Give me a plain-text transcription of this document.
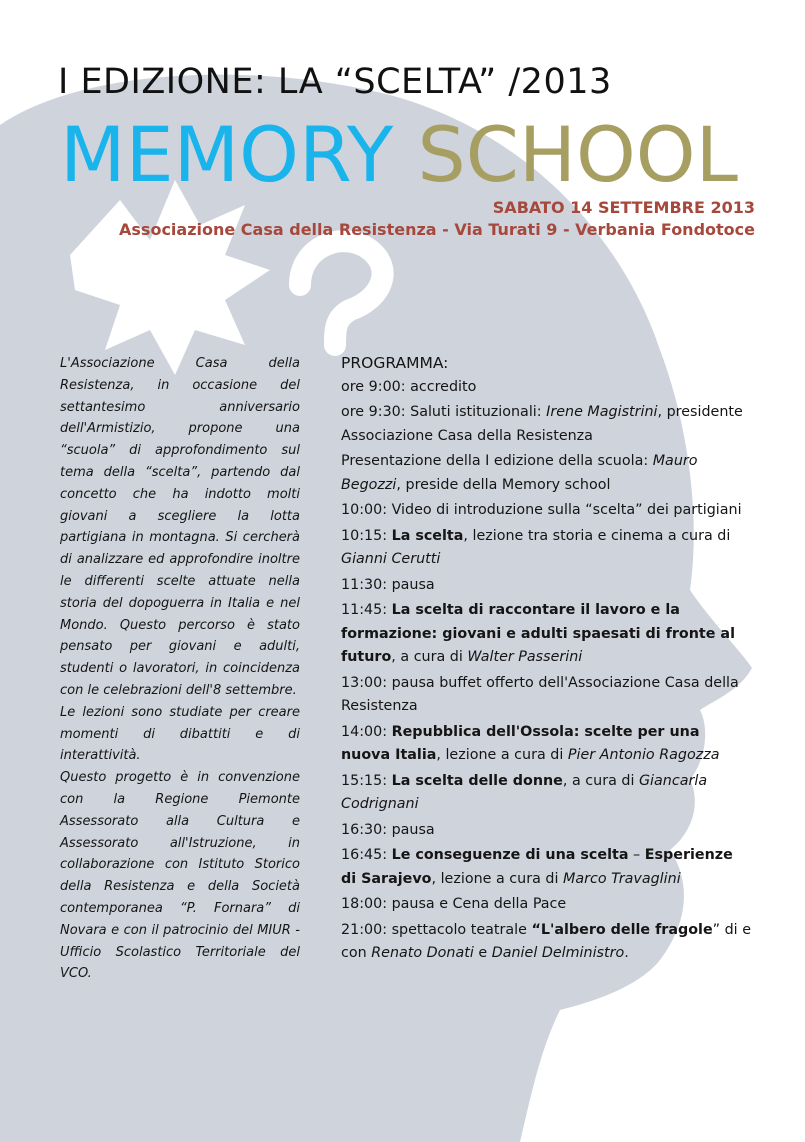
I EDIZIONE: LA “SCELTA” /2013
MEMORY SCHOOL
SABATO 14 SETTEMBRE 2013
Associazione Casa della Resistenza - Via Turati 9 - Verbania Fondotoce

L'Associazione Casa della Resistenza, in occasione del settantesimo anniversario dell'Armistizio, propone una “scuola” di approfondimento sul tema della “scelta”, partendo dal concetto che ha indotto molti giovani a scegliere la lotta partigiana in montagna. Si cercherà di analizzare ed approfondire inoltre le differenti scelte attuate nella storia del dopoguerra in Italia e nel Mondo. Questo percorso è stato pensato per giovani e adulti, studenti o lavoratori, in coincidenza con le celebrazioni dell'8 settembre.

Le lezioni sono studiate per creare momenti di dibattiti e di interattività.

Questo progetto è in convenzione con la Regione Piemonte Assessorato alla Cultura e Assessorato all'Istruzione, in collaborazione con Istituto Storico della Resistenza e della Società contemporanea “P. Fornara” di Novara e con il patrocinio del MIUR - Ufficio Scolastico Territoriale del VCO.

PROGRAMMA:

ore 9:00: accredito
ore 9:30: Saluti istituzionali: Irene Magistrini, presidente Associazione Casa della Resistenza
Presentazione della I edizione della scuola: Mauro Begozzi, preside della Memory school
10:00: Video di introduzione sulla “scelta” dei partigiani
10:15: La scelta, lezione tra storia e cinema a cura di Gianni Cerutti
11:30: pausa
11:45: La scelta di raccontare il lavoro e la formazione: giovani e adulti spaesati di fronte al futuro, a cura di Walter Passerini
13:00: pausa buffet offerto dell'Associazione Casa della Resistenza
14:00: Repubblica dell'Ossola: scelte per una nuova Italia, lezione a cura di Pier Antonio Ragozza
15:15: La scelta delle donne, a cura di Giancarla Codrignani
16:30: pausa
16:45: Le conseguenze di una scelta – Esperienze di Sarajevo, lezione a cura di Marco Travaglini
18:00: pausa e Cena della Pace
21:00: spettacolo teatrale “L'albero delle fragole” di e con Renato Donati e Daniel Delministro.
